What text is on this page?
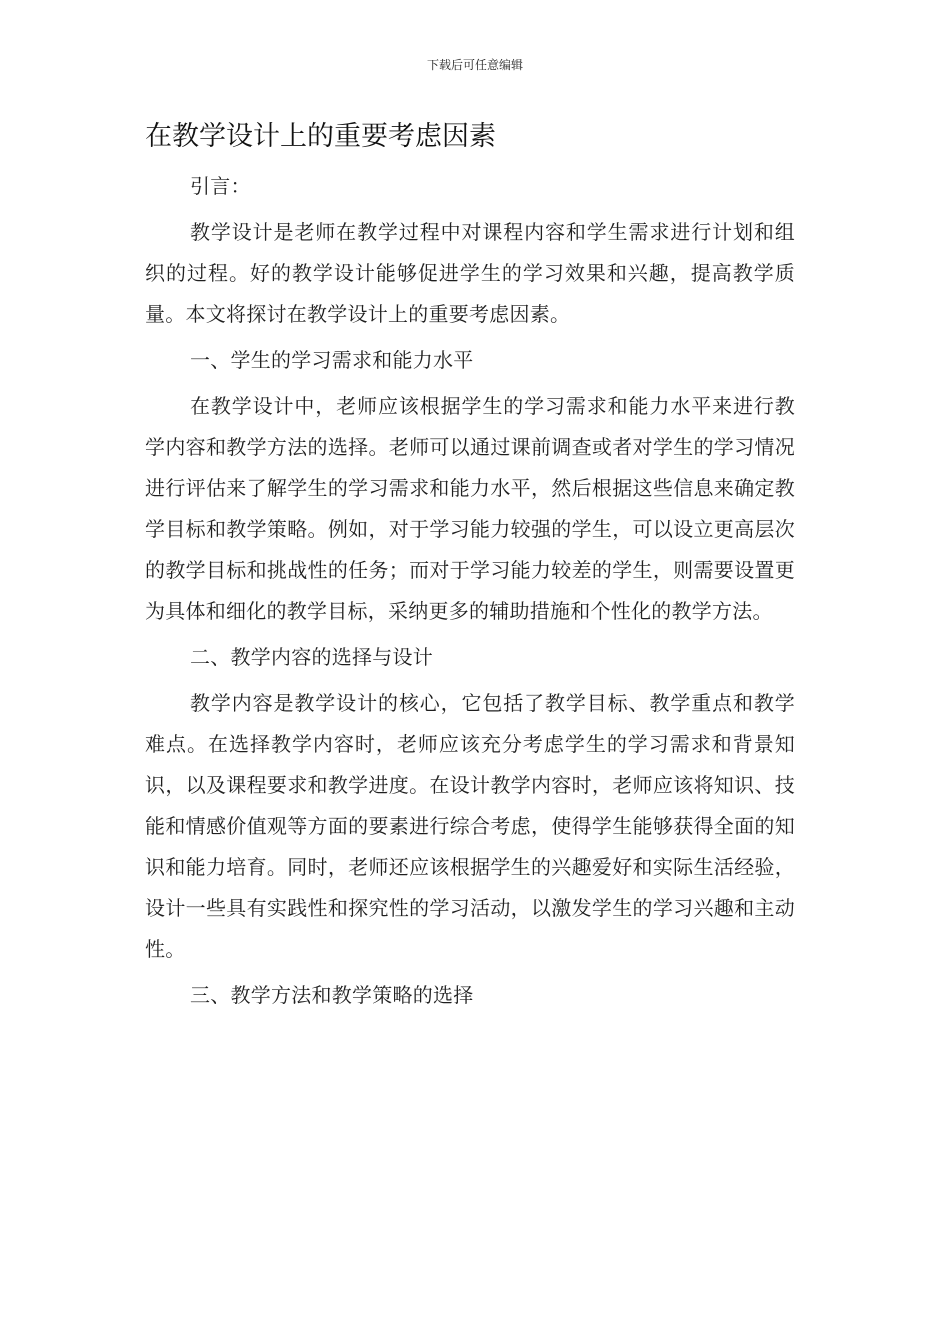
下载后可任意编辑
在教学设计上的重要考虑因素

引言：

教学设计是老师在教学过程中对课程内容和学生需求进行计划和组织的过程。好的教学设计能够促进学生的学习效果和兴趣，提高教学质量。本文将探讨在教学设计上的重要考虑因素。

一、学生的学习需求和能力水平

在教学设计中，老师应该根据学生的学习需求和能力水平来进行教学内容和教学方法的选择。老师可以通过课前调查或者对学生的学习情况进行评估来了解学生的学习需求和能力水平，然后根据这些信息来确定教学目标和教学策略。例如，对于学习能力较强的学生，可以设立更高层次的教学目标和挑战性的任务；而对于学习能力较差的学生，则需要设置更为具体和细化的教学目标，采纳更多的辅助措施和个性化的教学方法。

二、教学内容的选择与设计

教学内容是教学设计的核心，它包括了教学目标、教学重点和教学难点。在选择教学内容时，老师应该充分考虑学生的学习需求和背景知识，以及课程要求和教学进度。在设计教学内容时，老师应该将知识、技能和情感价值观等方面的要素进行综合考虑，使得学生能够获得全面的知识和能力培育。同时，老师还应该根据学生的兴趣爱好和实际生活经验，设计一些具有实践性和探究性的学习活动，以激发学生的学习兴趣和主动性。

三、教学方法和教学策略的选择
